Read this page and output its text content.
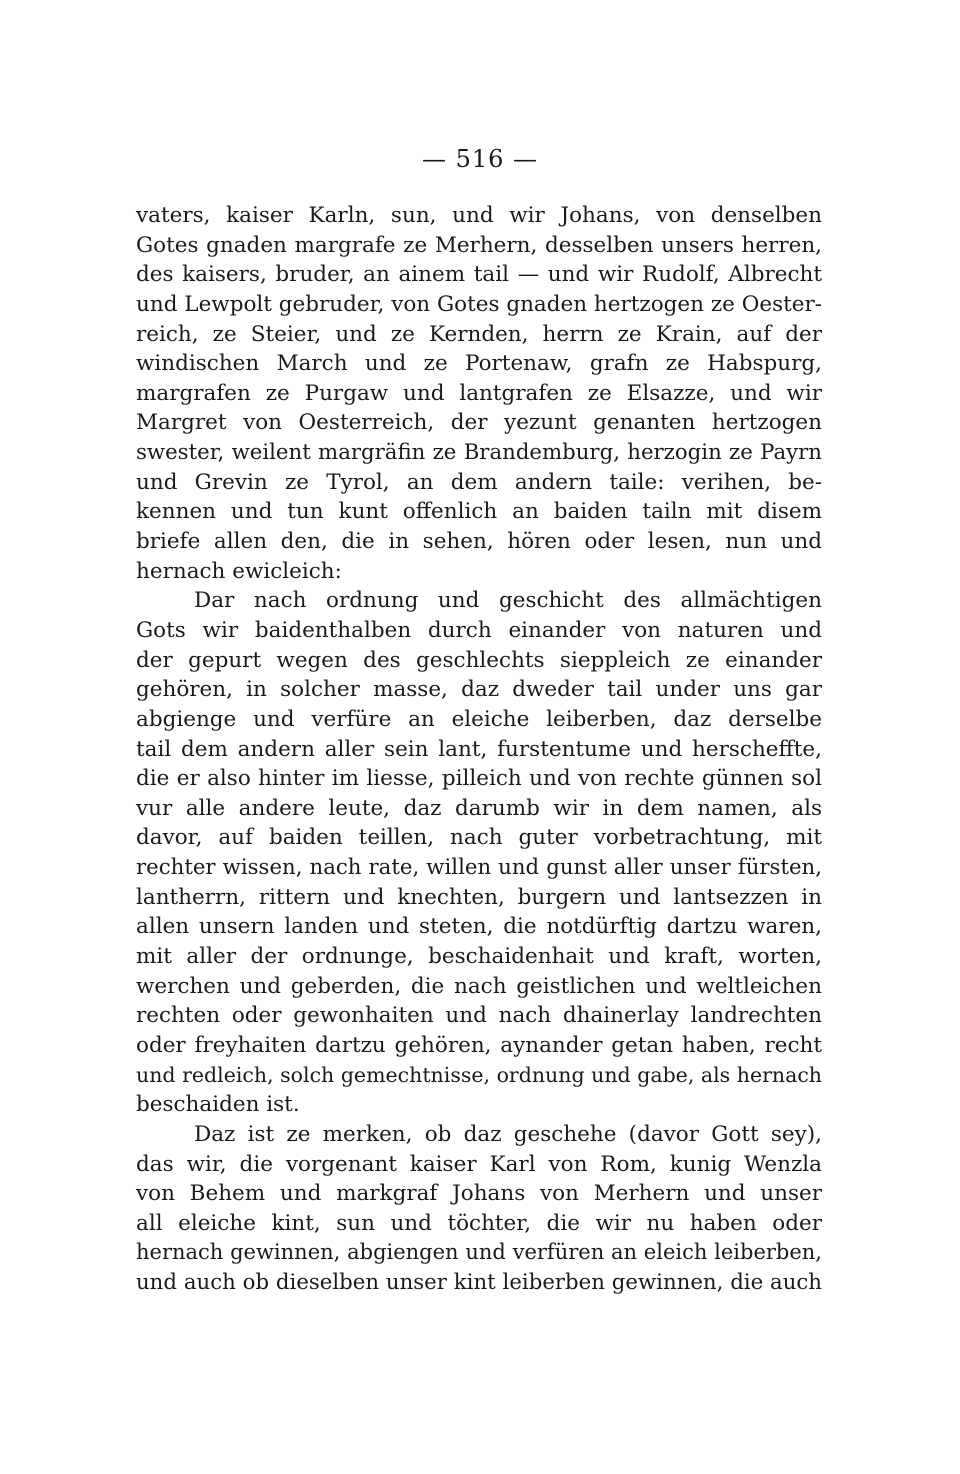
— 516 —
vaters, kaiser Karln, sun, und wir Johans, von denselben
Gotes gnaden margrafe ze Merhern, desselben unsers herren,
des kaisers, bruder, an ainem tail — und wir Rudolf, Albrecht
und Lewpolt gebruder, von Gotes gnaden hertzogen ze Oester-
reich, ze Steier, und ze Kernden, herrn ze Krain, auf der
windischen March und ze Portenaw, grafn ze Habspurg,
margrafen ze Purgaw und lantgrafen ze Elsazze, und wir
Margret von Oesterreich, der yezunt genanten hertzogen
swester, weilent margräfin ze Brandemburg, herzogin ze Payrn
und Grevin ze Tyrol, an dem andern taile: verihen, be-
kennen und tun kunt offenlich an baiden tailn mit disem
briefe allen den, die in sehen, hören oder lesen, nun und
hernach ewicleich:
Dar nach ordnung und geschicht des allmächtigen
Gots wir baidenthalben durch einander von naturen und
der gepurt wegen des geschlechts sieppleich ze einander
gehören, in solcher masse, daz dweder tail under uns gar
abgienge und verfüre an eleiche leiberben, daz derselbe
tail dem andern aller sein lant, furstentume und herscheffte,
die er also hinter im liesse, pilleich und von rechte günnen sol
vur alle andere leute, daz darumb wir in dem namen, als
davor, auf baiden teillen, nach guter vorbetrachtung, mit
rechter wissen, nach rate, willen und gunst aller unser fürsten,
lantherrn, rittern und knechten, burgern und lantsezzen in
allen unsern landen und steten, die notdürftig dartzu waren,
mit aller der ordnunge, beschaidenhait und kraft, worten,
werchen und geberden, die nach geistlichen und weltleichen
rechten oder gewonhaiten und nach dhainerlay landrechten
oder freyhaiten dartzu gehören, aynander getan haben, recht
und redleich, solch gemechtnisse, ordnung und gabe, als hernach
beschaiden ist.
Daz ist ze merken, ob daz geschehe (davor Gott sey),
das wir, die vorgenant kaiser Karl von Rom, kunig Wenzla
von Behem und markgraf Johans von Merhern und unser
all eleiche kint, sun und töchter, die wir nu haben oder
hernach gewinnen, abgiengen und verfüren an eleich leiberben,
und auch ob dieselben unser kint leiberben gewinnen, die auch
